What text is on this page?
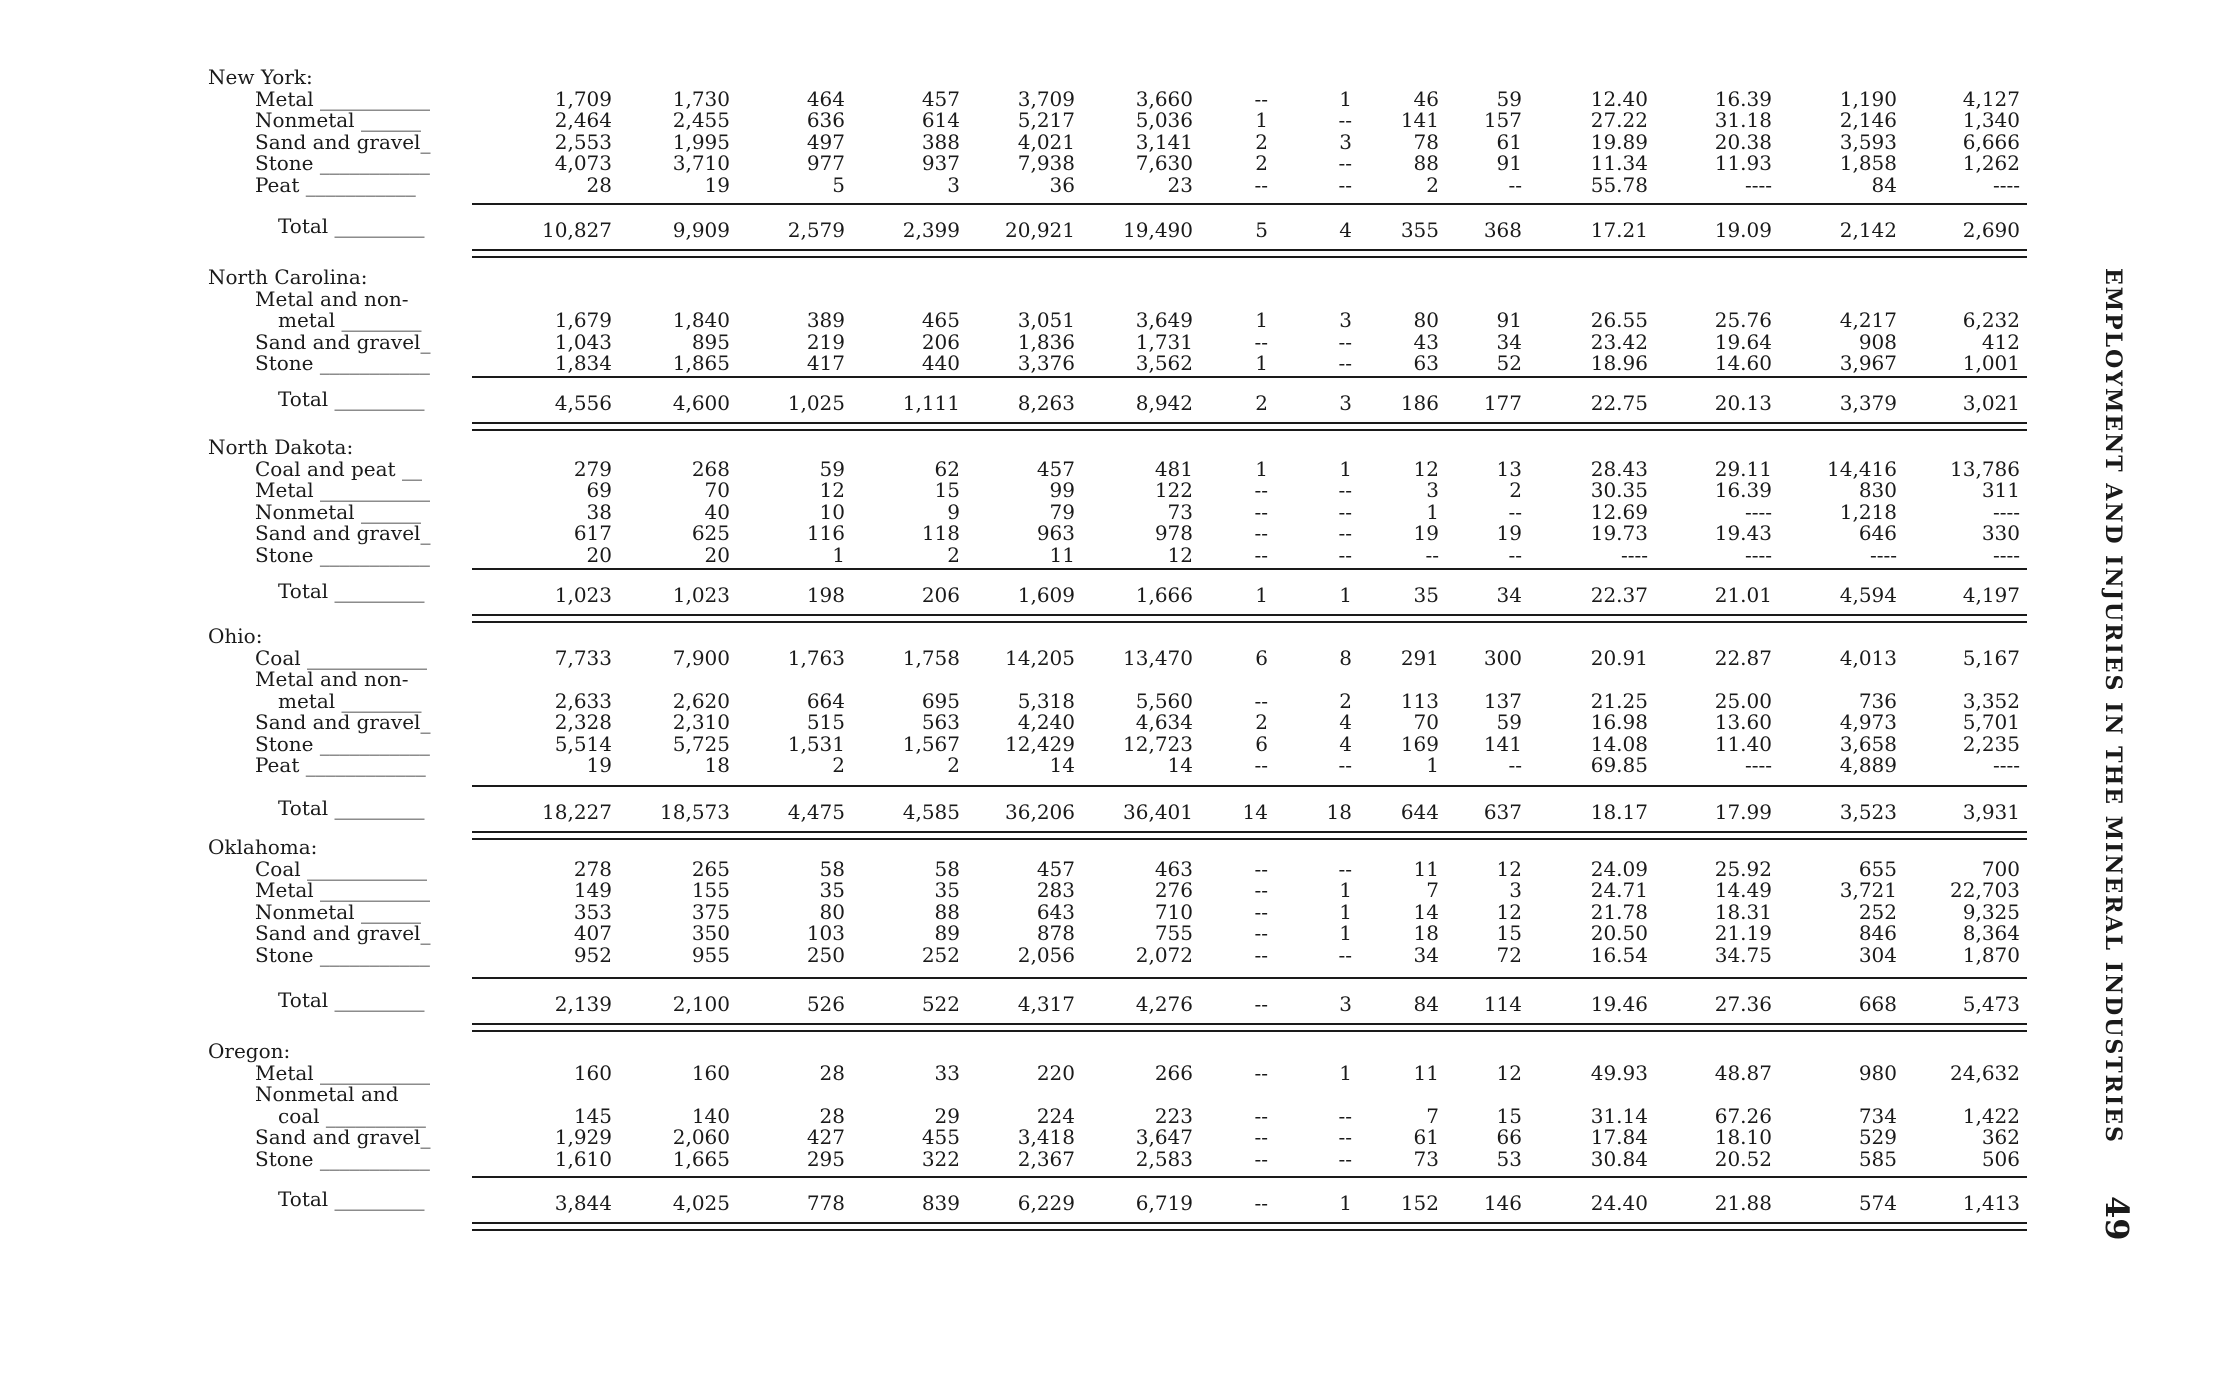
New York:
Metal ___________	1,709	1,730	464	457	3,709	3,660	--	1	46	59	12.40	16.39	1,190	4,127
Nonmetal ______	2,464	2,455	636	614	5,217	5,036	1	--	141	157	27.22	31.18	2,146	1,340
Sand and gravel_	2,553	1,995	497	388	4,021	3,141	2	3	78	61	19.89	20.38	3,593	6,666
Stone ___________	4,073	3,710	977	937	7,938	7,630	2	--	88	91	11.34	11.93	1,858	1,262
Peat ___________	28	19	5	3	36	23	--	--	2	--	55.78	----	84	----
Total _________	10,827	9,909	2,579	2,399	20,921	19,490	5	4	355	368	17.21	19.09	2,142	2,690
North Carolina:
Metal and non-
metal ________	1,679	1,840	389	465	3,051	3,649	1	3	80	91	26.55	25.76	4,217	6,232
Sand and gravel_	1,043	895	219	206	1,836	1,731	--	--	43	34	23.42	19.64	908	412
Stone ___________	1,834	1,865	417	440	3,376	3,562	1	--	63	52	18.96	14.60	3,967	1,001
Total _________	4,556	4,600	1,025	1,111	8,263	8,942	2	3	186	177	22.75	20.13	3,379	3,021
North Dakota:
Coal and peat __	279	268	59	62	457	481	1	1	12	13	28.43	29.11	14,416	13,786
Metal ___________	69	70	12	15	99	122	--	--	3	2	30.35	16.39	830	311
Nonmetal ______	38	40	10	9	79	73	--	--	1	--	12.69	----	1,218	----
Sand and gravel_	617	625	116	118	963	978	--	--	19	19	19.73	19.43	646	330
Stone ___________	20	20	1	2	11	12	--	--	--	--	----	----	----	----
Total _________	1,023	1,023	198	206	1,609	1,666	1	1	35	34	22.37	21.01	4,594	4,197
Ohio:
Coal ____________	7,733	7,900	1,763	1,758	14,205	13,470	6	8	291	300	20.91	22.87	4,013	5,167
Metal and non-
metal ________	2,633	2,620	664	695	5,318	5,560	--	2	113	137	21.25	25.00	736	3,352
Sand and gravel_	2,328	2,310	515	563	4,240	4,634	2	4	70	59	16.98	13.60	4,973	5,701
Stone ___________	5,514	5,725	1,531	1,567	12,429	12,723	6	4	169	141	14.08	11.40	3,658	2,235
Peat ____________	19	18	2	2	14	14	--	--	1	--	69.85	----	4,889	----
Total _________	18,227	18,573	4,475	4,585	36,206	36,401	14	18	644	637	18.17	17.99	3,523	3,931
Oklahoma:
Coal ____________	278	265	58	58	457	463	--	--	11	12	24.09	25.92	655	700
Metal ___________	149	155	35	35	283	276	--	1	7	3	24.71	14.49	3,721	22,703
Nonmetal ______	353	375	80	88	643	710	--	1	14	12	21.78	18.31	252	9,325
Sand and gravel_	407	350	103	89	878	755	--	1	18	15	20.50	21.19	846	8,364
Stone ___________	952	955	250	252	2,056	2,072	--	--	34	72	16.54	34.75	304	1,870
Total _________	2,139	2,100	526	522	4,317	4,276	--	3	84	114	19.46	27.36	668	5,473
Oregon:
Metal ___________	160	160	28	33	220	266	--	1	11	12	49.93	48.87	980	24,632
Nonmetal and
coal __________	145	140	28	29	224	223	--	--	7	15	31.14	67.26	734	1,422
Sand and gravel_	1,929	2,060	427	455	3,418	3,647	--	--	61	66	17.84	18.10	529	362
Stone ___________	1,610	1,665	295	322	2,367	2,583	--	--	73	53	30.84	20.52	585	506
Total _________	3,844	4,025	778	839	6,229	6,719	--	1	152	146	24.40	21.88	574	1,413
EMPLOYMENT AND INJURIES IN THE MINERAL INDUSTRIES
49
